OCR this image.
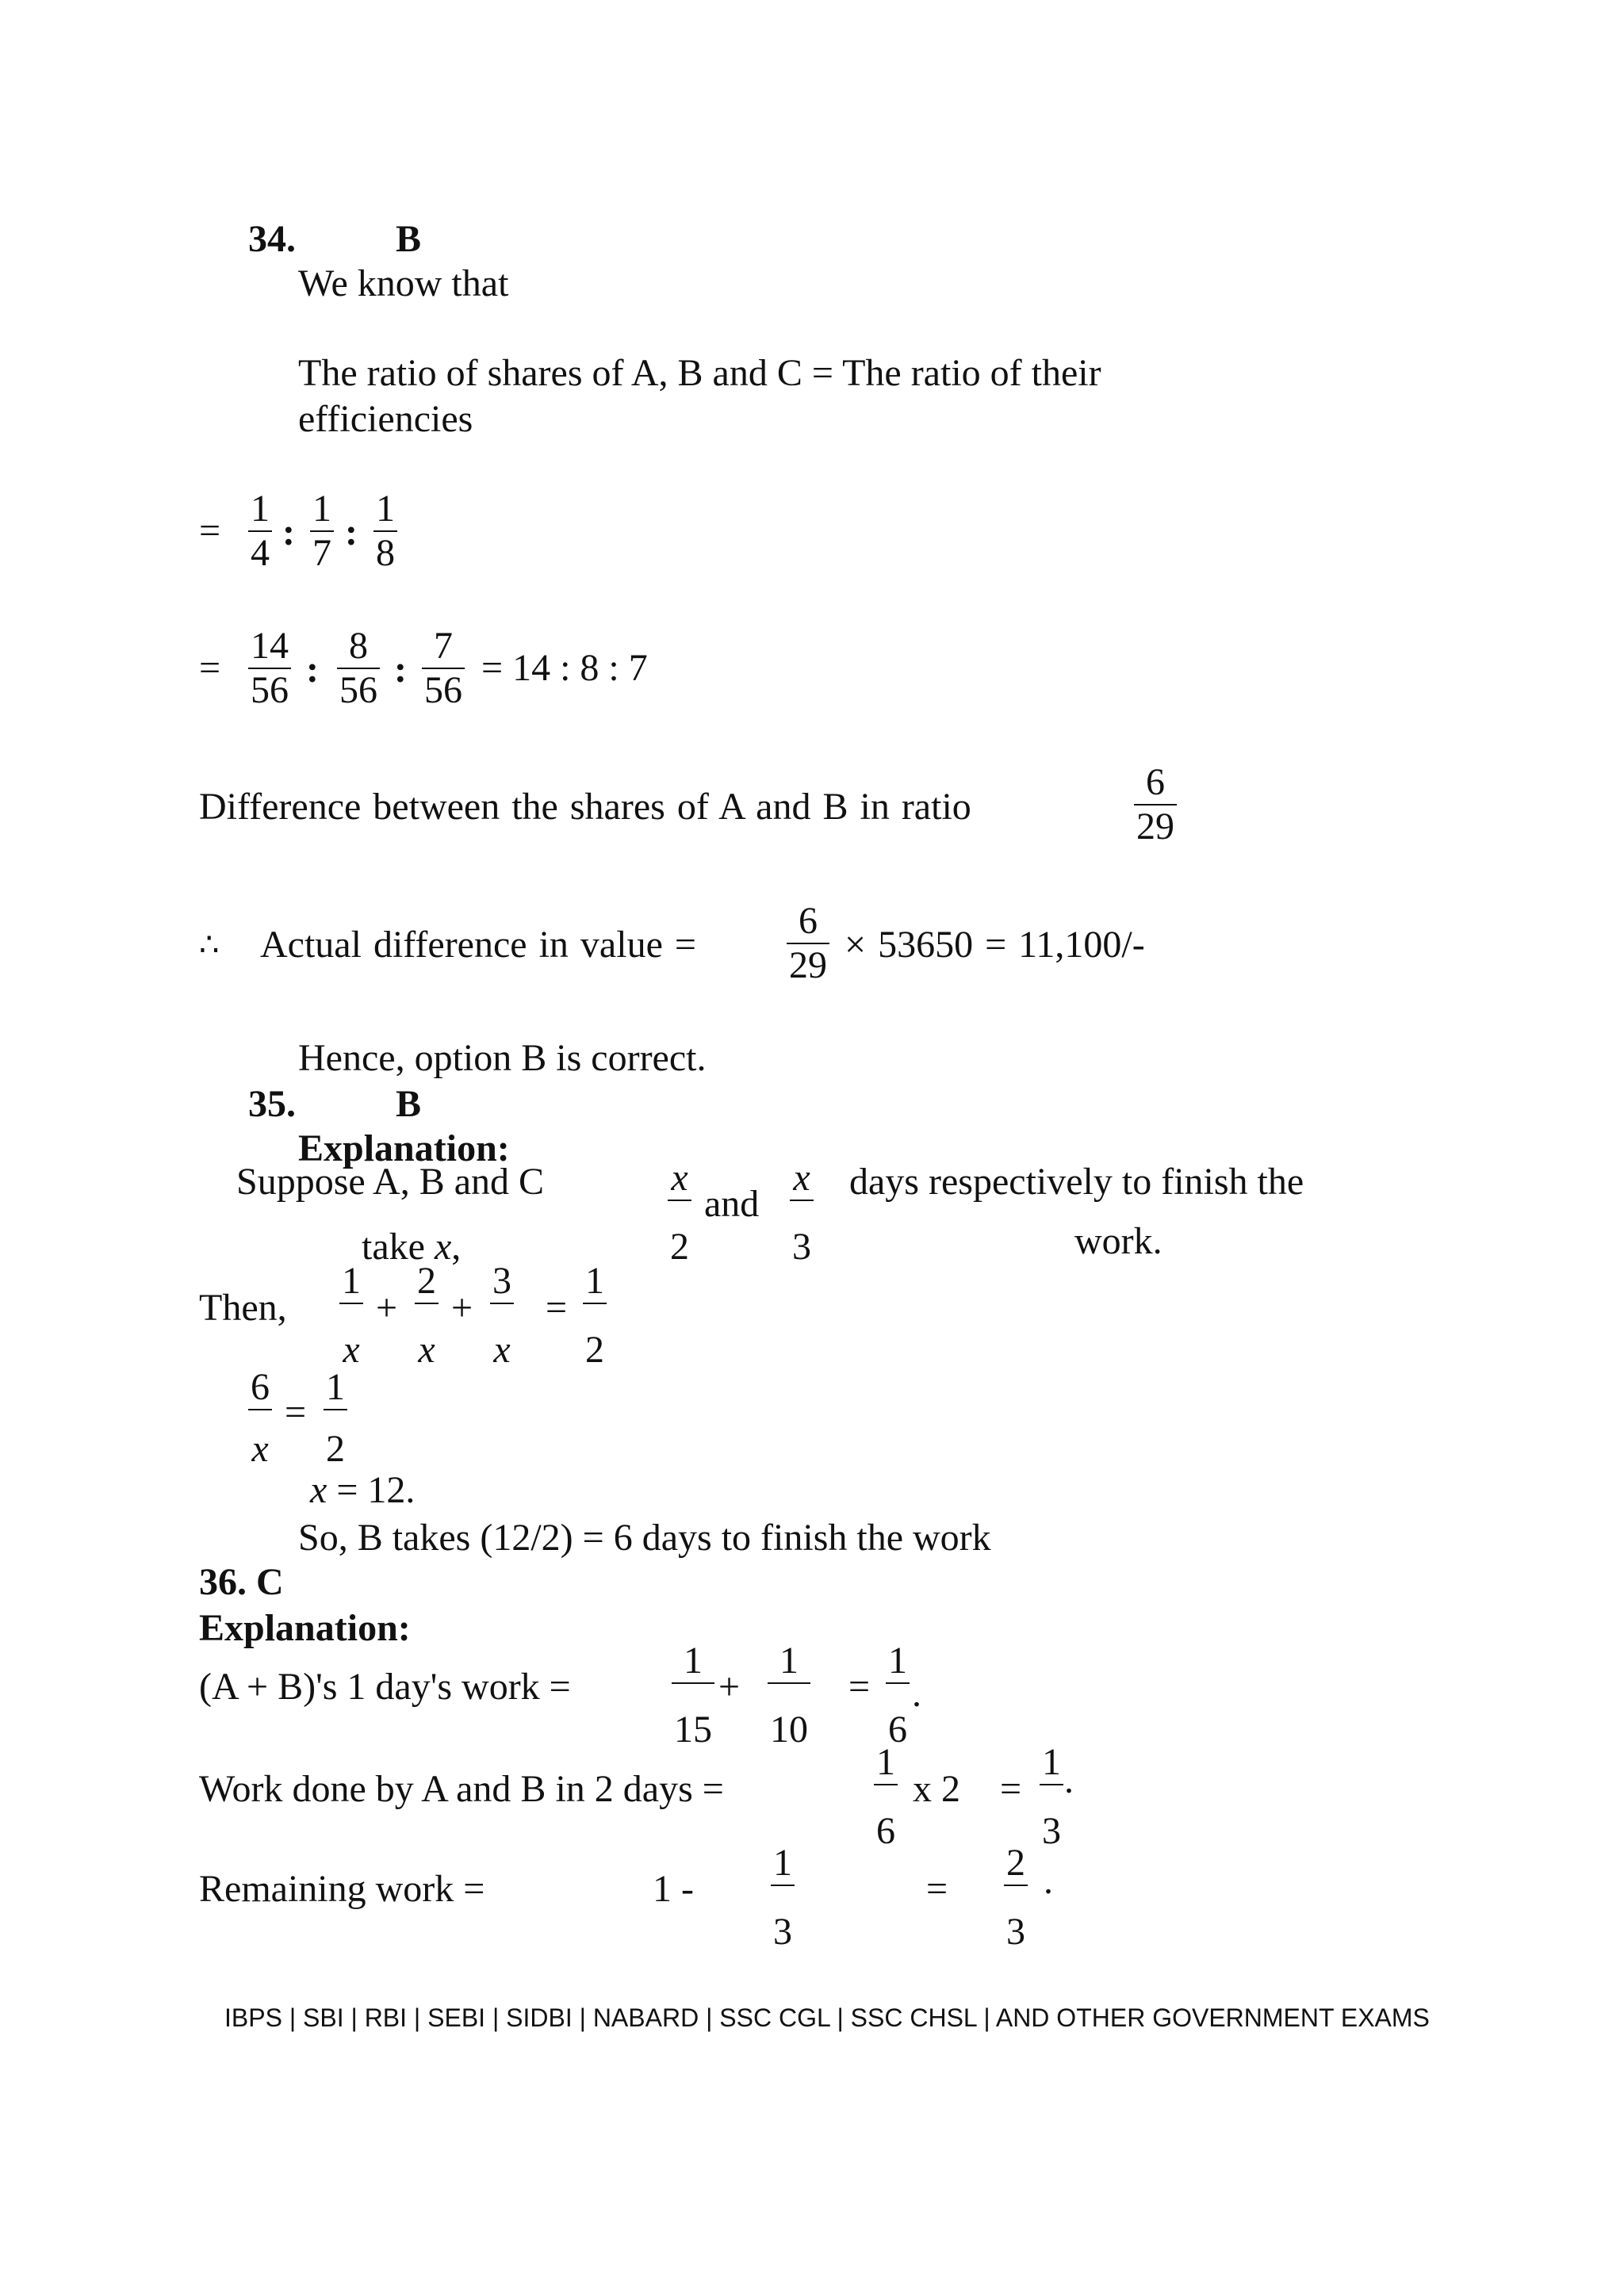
34.	B
We know that
The ratio of shares of A, B and C = The ratio of their
efficiencies
= $\frac{1}{4}$ : $\frac{1}{7}$ : $\frac{1}{8}$
= $\frac{14}{56}$ : $\frac{8}{56}$ : $\frac{7}{56} = 14$ : 8 : 7
Difference between the shares of A and B in ratio	$\frac{6}{29}$
∴ Actual difference in value = $\frac{6}{29} \times 53650 = 11,100/-$
Hence, option B is correct.
35.	B
Explanation:
Suppose A, B and C	$\frac{x}{2}$ and $\frac{x}{3}$ days respectively to finish the
take x,	work.
Then, $\frac{1}{x} + \frac{2}{x} + \frac{3}{x} = \frac{1}{2}$
$\frac{6}{x} = \frac{1}{2}$
x = 12.
So, B takes (12/2) = 6 days to finish the work
36. C
Explanation:
(A + B)'s 1 day's work =	$\frac{1}{15} + \frac{1}{10} = \frac{1}{6}$ .
Work done by A and B in 2 days =	$\frac{1}{6}$ x $2 = \frac{1}{3}$ .
Remaining work =	$1 - \frac{1}{3}$	= $\frac{2}{3}$ .
IBPS | SBI | RBI | SEBI | SIDBI | NABARD | SSC CGL | SSC CHSL | AND OTHER GOVERNMENT EXAMS
